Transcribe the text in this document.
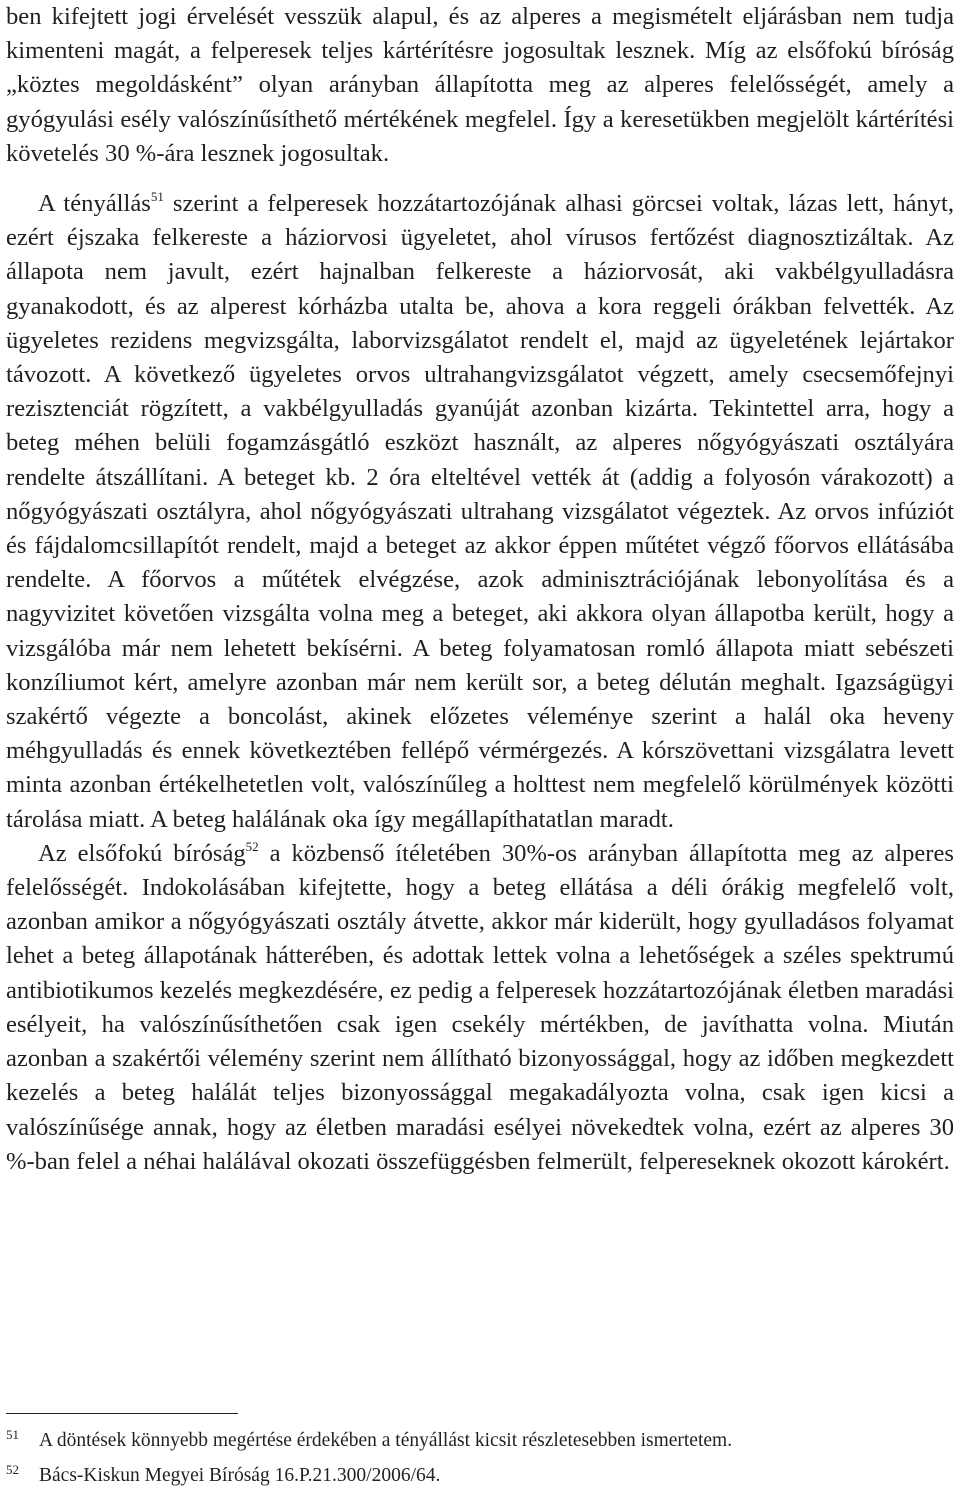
ben kifejtett jogi érvelését vesszük alapul, és az alperes a megismételt eljárásban nem tudja kimenteni magát, a felperesek teljes kártérítésre jogosultak lesznek. Míg az elsőfokú bíróság „köztes megoldásként” olyan arányban állapította meg az alperes felelősségét, amely a gyógyulási esély valószínűsíthető mértékének megfelel. Így a keresetükben megjelölt kártérítési követelés 30 %-ára lesznek jogosultak.

A tényállás$^{51}$ szerint a felperesek hozzátartozójának alhasi görcsei voltak, lázas lett, hányt, ezért éjszaka felkereste a háziorvosi ügyeletet, ahol vírusos fertőzést diagnosztizáltak. Az állapota nem javult, ezért hajnalban felkereste a háziorvosát, aki vakbélgyulladásra gyanakodott, és az alperest kórházba utalta be, ahova a kora reggeli órákban felvették. Az ügyeletes rezidens megvizsgálta, laborvizsgálatot rendelt el, majd az ügyeletének lejártakor távozott. A következő ügyeletes orvos ultrahangvizsgálatot végzett, amely csecsemőfejnyi rezisztenciát rögzített, a vakbélgyulladás gyanúját azonban kizárta. Tekintettel arra, hogy a beteg méhen belüli fogamzásgátló eszközt használt, az alperes nőgyógyászati osztályára rendelte átszállítani. A beteget kb. 2 óra elteltével vették át (addig a folyosón várakozott) a nőgyógyászati osztályra, ahol nőgyógyászati ultrahang vizsgálatot végeztek. Az orvos infúziót és fájdalomcsillapítót rendelt, majd a beteget az akkor éppen műtétet végző főorvos ellátásába rendelte. A főorvos a műtétek elvégzése, azok adminisztrációjának lebonyolítása és a nagyvizitet követően vizsgálta volna meg a beteget, aki akkora olyan állapotba került, hogy a vizsgálóba már nem lehetett bekísérni. A beteg folyamatosan romló állapota miatt sebészeti konzíliumot kért, amelyre azonban már nem került sor, a beteg délután meghalt. Igazságügyi szakértő végezte a boncolást, akinek előzetes véleménye szerint a halál oka heveny méhgyulladás és ennek következtében fellépő vérmérgezés. A kórszövettani vizsgálatra levett minta azonban értékelhetetlen volt, valószínűleg a holttest nem megfelelő körülmények közötti tárolása miatt. A beteg halálának oka így megállapíthatatlan maradt.

Az elsőfokú bíróság$^{52}$ a közbenső ítéletében 30%-os arányban állapította meg az alperes felelősségét. Indokolásában kifejtette, hogy a beteg ellátása a déli órákig megfelelő volt, azonban amikor a nőgyógyászati osztály átvette, akkor már kiderült, hogy gyulladásos folyamat lehet a beteg állapotának hátterében, és adottak lettek volna a lehetőségek a széles spektrumú antibiotikumos kezelés megkezdésére, ez pedig a felperesek hozzátartozójának életben maradási esélyeit, ha valószínűsíthetően csak igen csekély mértékben, de javíthatta volna. Miután azonban a szakértői vélemény szerint nem állítható bizonyossággal, hogy az időben megkezdett kezelés a beteg halálát teljes bizonyossággal megakadályozta volna, csak igen kicsi a valószínűsége annak, hogy az életben maradási esélyei növekedtek volna, ezért az alperes 30 %-ban felel a néhai halálával okozati összefüggésben felmerült, felpereseknek okozott károkért.

51	A döntések könnyebb megértése érdekében a tényállást kicsit részletesebben ismertetem.
52	Bács-Kiskun Megyei Bíróság 16.P.21.300/2006/64.
